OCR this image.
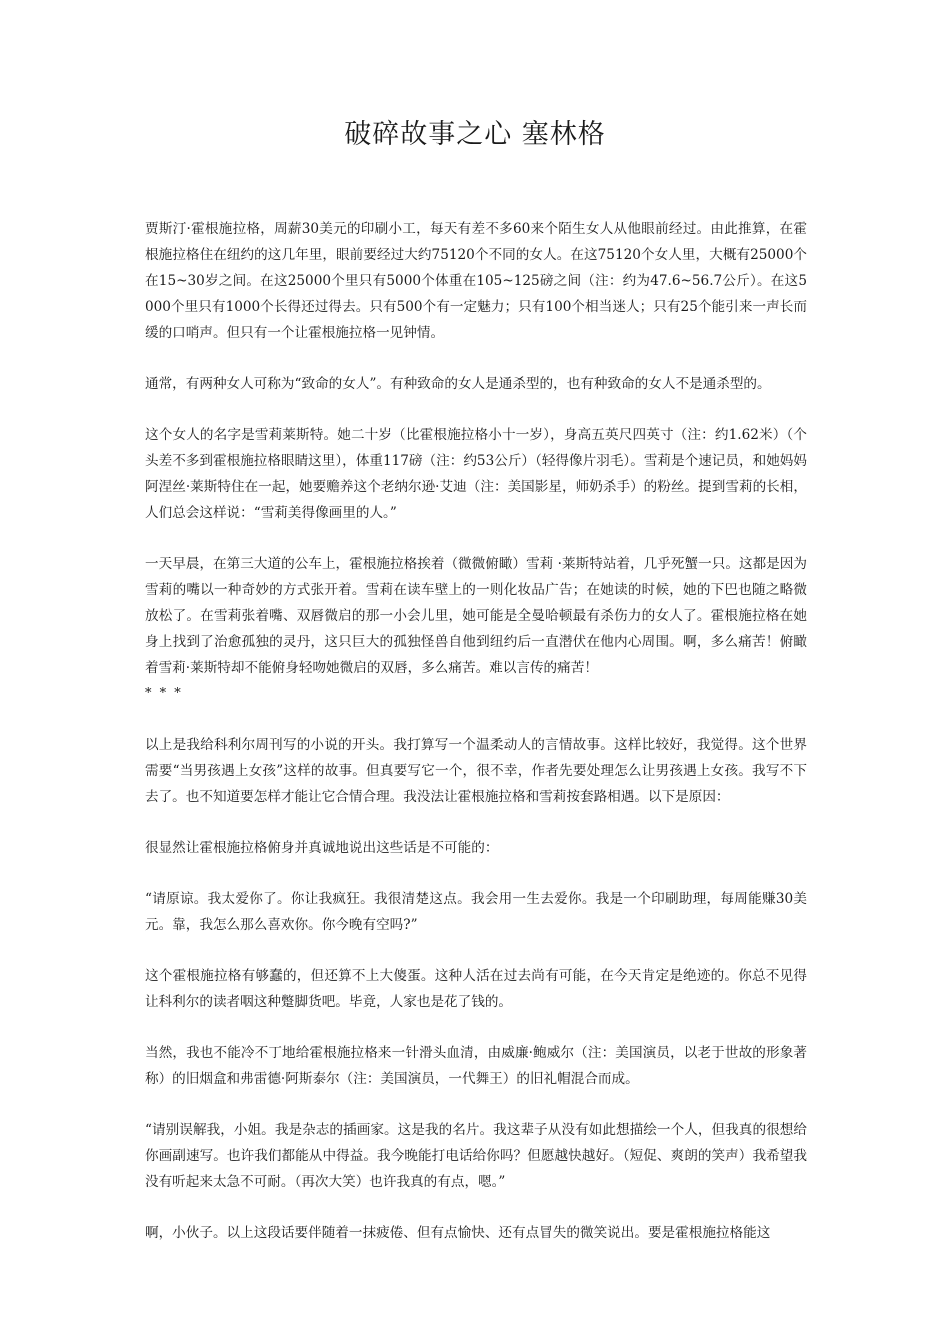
破碎故事之心 塞林格

贾斯汀·霍根施拉格，周薪30美元的印刷小工，每天有差不多60来个陌生女人从他眼前经过。由此推算，在霍根施拉格住在纽约的这几年里，眼前要经过大约75120个不同的女人。在这75120个女人里，大概有25000个在15~30岁之间。在这25000个里只有5000个体重在105~125磅之间（注：约为47.6~56.7公斤）。在这5000个里只有1000个长得还过得去。只有500个有一定魅力；只有100个相当迷人；只有25个能引来一声长而缓的口哨声。但只有一个让霍根施拉格一见钟情。

通常，有两种女人可称为“致命的女人”。有种致命的女人是通杀型的，也有种致命的女人不是通杀型的。

这个女人的名字是雪莉莱斯特。她二十岁（比霍根施拉格小十一岁），身高五英尺四英寸（注：约1.62米）（个头差不多到霍根施拉格眼睛这里），体重117磅（注：约53公斤）（轻得像片羽毛）。雪莉是个速记员，和她妈妈阿涅丝·莱斯特住在一起，她要赡养这个老纳尔逊·艾迪（注：美国影星，师奶杀手）的粉丝。提到雪莉的长相，人们总会这样说：“雪莉美得像画里的人。”

一天早晨，在第三大道的公车上，霍根施拉格挨着（微微俯瞰）雪莉 ·莱斯特站着，几乎死蟹一只。这都是因为雪莉的嘴以一种奇妙的方式张开着。雪莉在读车壁上的一则化妆品广告；在她读的时候，她的下巴也随之略微放松了。在雪莉张着嘴、双唇微启的那一小会儿里，她可能是全曼哈顿最有杀伤力的女人了。霍根施拉格在她身上找到了治愈孤独的灵丹，这只巨大的孤独怪兽自他到纽约后一直潜伏在他内心周围。啊，多么痛苦！俯瞰着雪莉·莱斯特却不能俯身轻吻她微启的双唇，多么痛苦。难以言传的痛苦！

* * *

以上是我给科利尔周刊写的小说的开头。我打算写一个温柔动人的言情故事。这样比较好，我觉得。这个世界需要“当男孩遇上女孩”这样的故事。但真要写它一个，很不幸，作者先要处理怎么让男孩遇上女孩。我写不下去了。也不知道要怎样才能让它合情合理。我没法让霍根施拉格和雪莉按套路相遇。以下是原因：

很显然让霍根施拉格俯身并真诚地说出这些话是不可能的：

“请原谅。我太爱你了。你让我疯狂。我很清楚这点。我会用一生去爱你。我是一个印刷助理，每周能赚30美元。靠，我怎么那么喜欢你。你今晚有空吗?”

这个霍根施拉格有够蠢的，但还算不上大傻蛋。这种人活在过去尚有可能，在今天肯定是绝迹的。你总不见得让科利尔的读者咽这种蹩脚货吧。毕竟，人家也是花了钱的。

当然，我也不能冷不丁地给霍根施拉格来一针滑头血清，由威廉·鲍威尔（注：美国演员，以老于世故的形象著称）的旧烟盒和弗雷德·阿斯泰尔（注：美国演员，一代舞王）的旧礼帽混合而成。

“请别误解我，小姐。我是杂志的插画家。这是我的名片。我这辈子从没有如此想描绘一个人，但我真的很想给你画副速写。也许我们都能从中得益。我今晚能打电话给你吗？但愿越快越好。（短促、爽朗的笑声）我希望我没有听起来太急不可耐。（再次大笑）也许我真的有点，嗯。”

啊，小伙子。以上这段话要伴随着一抹疲倦、但有点愉快、还有点冒失的微笑说出。要是霍根施拉格能这
